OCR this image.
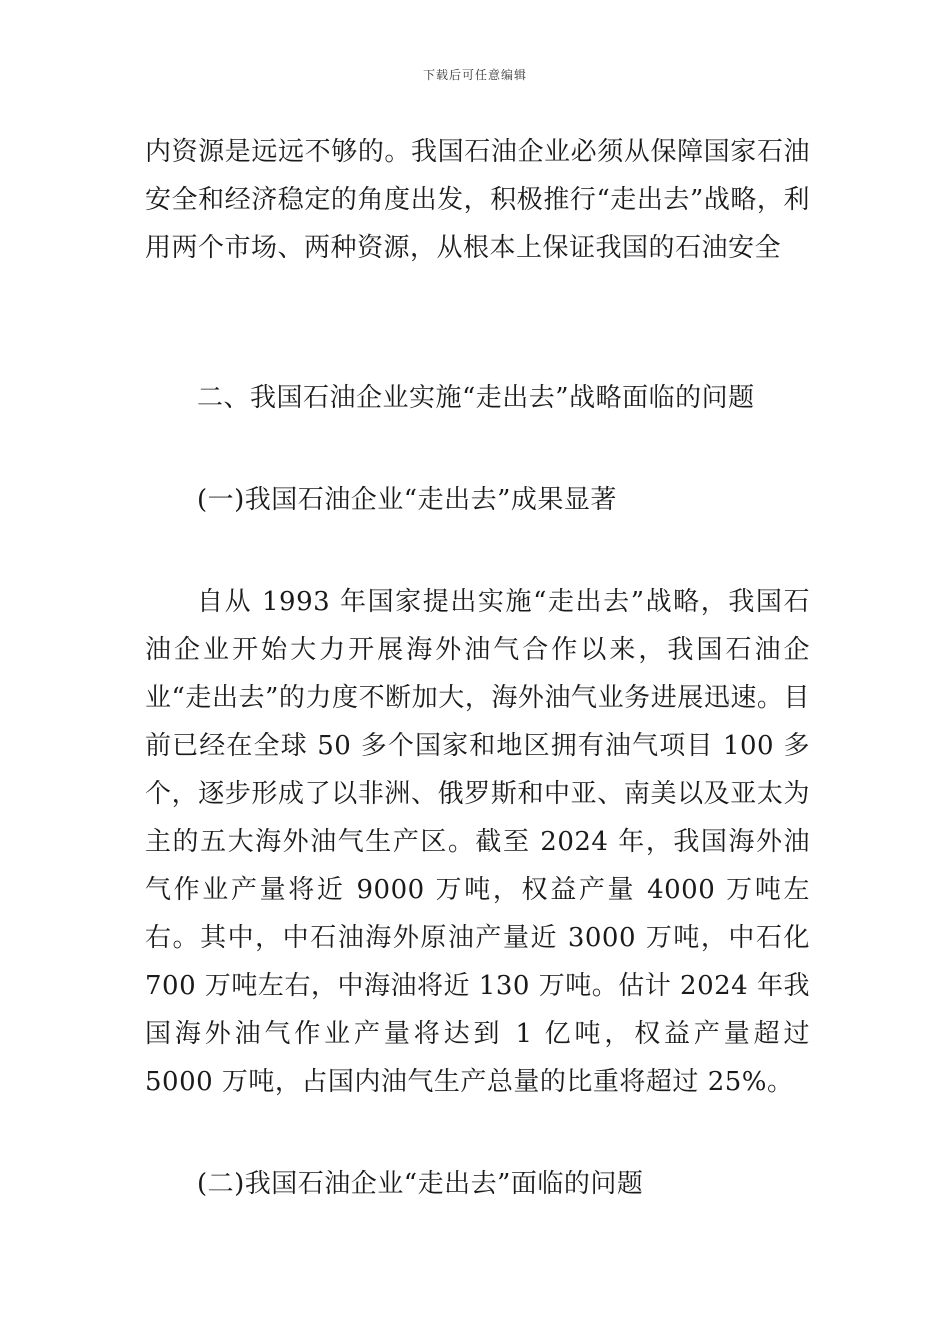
下载后可任意编辑

内资源是远远不够的。我国石油企业必须从保障国家石油安全和经济稳定的角度出发，积极推行“走出去”战略，利用两个市场、两种资源，从根本上保证我国的石油安全

二、我国石油企业实施“走出去”战略面临的问题

(一)我国石油企业“走出去”成果显著

自从 1993 年国家提出实施“走出去”战略，我国石油企业开始大力开展海外油气合作以来，我国石油企业“走出去”的力度不断加大，海外油气业务进展迅速。目前已经在全球 50 多个国家和地区拥有油气项目 100 多个，逐步形成了以非洲、俄罗斯和中亚、南美以及亚太为主的五大海外油气生产区。截至 2024 年，我国海外油气作业产量将近 9000 万吨，权益产量 4000 万吨左右。其中，中石油海外原油产量近 3000 万吨，中石化 700 万吨左右，中海油将近 130 万吨。估计 2024 年我国海外油气作业产量将达到 1 亿吨，权益产量超过 5000 万吨，占国内油气生产总量的比重将超过 25%。

(二)我国石油企业“走出去”面临的问题
